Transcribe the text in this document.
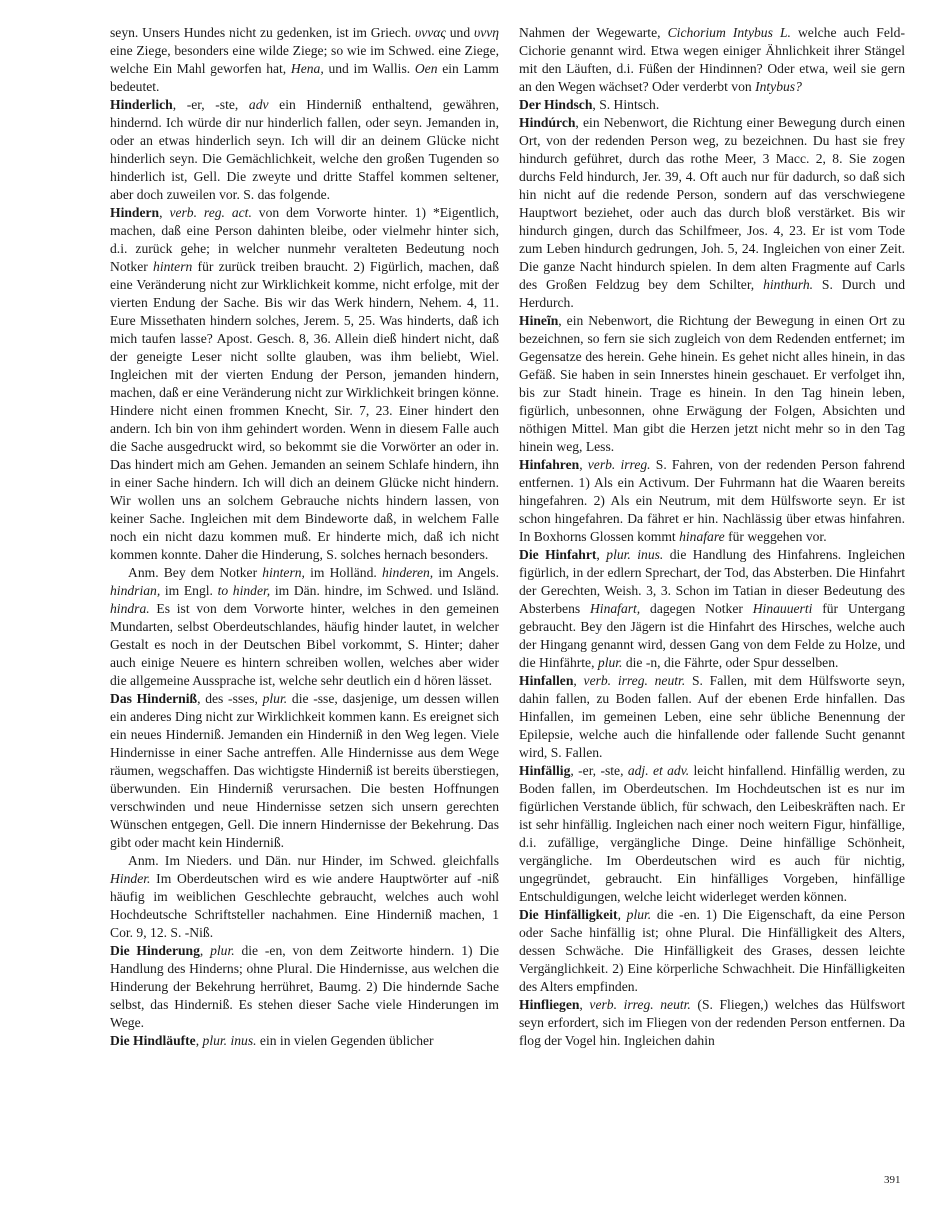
seyn. Unsers Hundes nicht zu gedenken, ist im Griech. υννας und υννη eine Ziege, besonders eine wilde Ziege; so wie im Schwed. eine Ziege, welche Ein Mahl geworfen hat, Hena, und im Wallis. Oen ein Lamm bedeutet.

Hinderlich, -er, -ste, adv ein Hinderniß enthaltend, gewähren, hindernd. Ich würde dir nur hinderlich fallen, oder seyn. Jemanden in, oder an etwas hinderlich seyn. Ich will dir an deinem Glücke nicht hinderlich seyn. Die Gemächlichkeit, welche den großen Tugenden so hinderlich ist, Gell. Die zweyte und dritte Staffel kommen seltener, aber doch zuweilen vor. S. das folgende.

Hindern, verb. reg. act. von dem Vorworte hinter. 1) *Eigentlich, machen, daß eine Person dahinten bleibe, oder vielmehr hinter sich, d.i. zurück gehe; in welcher nunmehr veralteten Bedeutung noch Notker hintern für zurück treiben braucht. 2) Figürlich, machen, daß eine Veränderung nicht zur Wirklichkeit komme, nicht erfolge, mit der vierten Endung der Sache. Bis wir das Werk hindern, Nehem. 4, 11. Eure Missethaten hindern solches, Jerem. 5, 25. Was hinderts, daß ich mich taufen lasse? Apost. Gesch. 8, 36. Allein dieß hindert nicht, daß der geneigte Leser nicht sollte glauben, was ihm beliebt, Wiel. Ingleichen mit der vierten Endung der Person, jemanden hindern, machen, daß er eine Veränderung nicht zur Wirklichkeit bringen könne. Hindere nicht einen frommen Knecht, Sir. 7, 23. Einer hindert den andern. Ich bin von ihm gehindert worden. Wenn in diesem Falle auch die Sache ausgedruckt wird, so bekommt sie die Vorwörter an oder in. Das hindert mich am Gehen. Jemanden an seinem Schlafe hindern, ihn in einer Sache hindern. Ich will dich an deinem Glücke nicht hindern. Wir wollen uns an solchem Gebrauche nichts hindern lassen, von keiner Sache. Ingleichen mit dem Bindeworte daß, in welchem Falle noch ein nicht dazu kommen muß. Er hinderte mich, daß ich nicht kommen konnte. Daher die Hinderung, S. solches hernach besonders.

Anm. Bey dem Notker hintern, im Holländ. hinderen, im Angels. hindrian, im Engl. to hinder, im Dän. hindre, im Schwed. und Isländ. hindra. Es ist von dem Vorworte hinter, welches in den gemeinen Mundarten, selbst Oberdeutschlandes, häufig hinder lautet, in welcher Gestalt es noch in der Deutschen Bibel vorkommt, S. Hinter; daher auch einige Neuere es hintern schreiben wollen, welches aber wider die allgemeine Aussprache ist, welche sehr deutlich ein d hören lässet.

Das Hinderniß, des -sses, plur. die -sse, dasjenige, um dessen willen ein anderes Ding nicht zur Wirklichkeit kommen kann. Es ereignet sich ein neues Hinderniß. Jemanden ein Hinderniß in den Weg legen. Viele Hindernisse in einer Sache antreffen. Alle Hindernisse aus dem Wege räumen, wegschaffen. Das wichtigste Hinderniß ist bereits überstiegen, überwunden. Ein Hinderniß verursachen. Die besten Hoffnungen verschwinden und neue Hindernisse setzen sich unsern gerechten Wünschen entgegen, Gell. Die innern Hindernisse der Bekehrung. Das gibt oder macht kein Hinderniß.

Anm. Im Nieders. und Dän. nur Hinder, im Schwed. gleichfalls Hinder. Im Oberdeutschen wird es wie andere Hauptwörter auf -niß häufig im weiblichen Geschlechte gebraucht, welches auch wohl Hochdeutsche Schriftsteller nachahmen. Eine Hinderniß machen, 1 Cor. 9, 12. S. -Niß.

Die Hinderung, plur. die -en, von dem Zeitworte hindern. 1) Die Handlung des Hinderns; ohne Plural. Die Hindernisse, aus welchen die Hinderung der Bekehrung herrühret, Baumg. 2) Die hindernde Sache selbst, das Hinderniß. Es stehen dieser Sache viele Hinderungen im Wege.

Die Hindläufte, plur. inus. ein in vielen Gegenden üblicher

Nahmen der Wegewarte, Cichorium Intybus L. welche auch Feld-Cichorie genannt wird. Etwa wegen einiger Ähnlichkeit ihrer Stängel mit den Läuften, d.i. Füßen der Hindinnen? Oder etwa, weil sie gern an den Wegen wächset? Oder verderbt von Intybus?

Der Hindsch, S. Hintsch.

Hindúrch, ein Nebenwort, die Richtung einer Bewegung durch einen Ort, von der redenden Person weg, zu bezeichnen. Du hast sie frey hindurch geführet, durch das rothe Meer, 3 Macc. 2, 8. Sie zogen durchs Feld hindurch, Jer. 39, 4. Oft auch nur für dadurch, so daß sich hin nicht auf die redende Person, sondern auf das verschwiegene Hauptwort beziehet, oder auch das durch bloß verstärket. Bis wir hindurch gingen, durch das Schilfmeer, Jos. 4, 23. Er ist vom Tode zum Leben hindurch gedrungen, Joh. 5, 24. Ingleichen von einer Zeit. Die ganze Nacht hindurch spielen. In dem alten Fragmente auf Carls des Großen Feldzug bey dem Schilter, hinthurh. S. Durch und Herdurch.

Hineĩn, ein Nebenwort, die Richtung der Bewegung in einen Ort zu bezeichnen, so fern sie sich zugleich von dem Redenden entfernet; im Gegensatze des herein. Gehe hinein. Es gehet nicht alles hinein, in das Gefäß. Sie haben in sein Innerstes hinein geschauet. Er verfolget ihn, bis zur Stadt hinein. Trage es hinein. In den Tag hinein leben, figürlich, unbesonnen, ohne Erwägung der Folgen, Absichten und nöthigen Mittel. Man gibt die Herzen jetzt nicht mehr so in den Tag hinein weg, Less.

Hinfahren, verb. irreg. S. Fahren, von der redenden Person fahrend entfernen. 1) Als ein Activum. Der Fuhrmann hat die Waaren bereits hingefahren. 2) Als ein Neutrum, mit dem Hülfsworte seyn. Er ist schon hingefahren. Da fähret er hin. Nachlässig über etwas hinfahren. In Boxhorns Glossen kommt hinafare für weggehen vor.

Die Hinfahrt, plur. inus. die Handlung des Hinfahrens. Ingleichen figürlich, in der edlern Sprechart, der Tod, das Absterben. Die Hinfahrt der Gerechten, Weish. 3, 3. Schon im Tatian in dieser Bedeutung des Absterbens Hinafart, dagegen Notker Hinauuerti für Untergang gebraucht. Bey den Jägern ist die Hinfahrt des Hirsches, welche auch der Hingang genannt wird, dessen Gang von dem Felde zu Holze, und die Hinfährte, plur. die -n, die Fährte, oder Spur desselben.

Hinfallen, verb. irreg. neutr. S. Fallen, mit dem Hülfsworte seyn, dahin fallen, zu Boden fallen. Auf der ebenen Erde hinfallen. Das Hinfallen, im gemeinen Leben, eine sehr übliche Benennung der Epilepsie, welche auch die hinfallende oder fallende Sucht genannt wird, S. Fallen.

Hinfällig, -er, -ste, adj. et adv. leicht hinfallend. Hinfällig werden, zu Boden fallen, im Oberdeutschen. Im Hochdeutschen ist es nur im figürlichen Verstande üblich, für schwach, den Leibeskräften nach. Er ist sehr hinfällig. Ingleichen nach einer noch weitern Figur, hinfällige, d.i. zufällige, vergängliche Dinge. Deine hinfällige Schönheit, vergängliche. Im Oberdeutschen wird es auch für nichtig, ungegründet, gebraucht. Ein hinfälliges Vorgeben, hinfällige Entschuldigungen, welche leicht widerleget werden können.

Die Hinfälligkeit, plur. die -en. 1) Die Eigenschaft, da eine Person oder Sache hinfällig ist; ohne Plural. Die Hinfälligkeit des Alters, dessen Schwäche. Die Hinfälligkeit des Grases, dessen leichte Vergänglichkeit. 2) Eine körperliche Schwachheit. Die Hinfälligkeiten des Alters empfinden.

Hinfliegen, verb. irreg. neutr. (S. Fliegen,) welches das Hülfswort seyn erfordert, sich im Fliegen von der redenden Person entfernen. Da flog der Vogel hin. Ingleichen dahin

391
